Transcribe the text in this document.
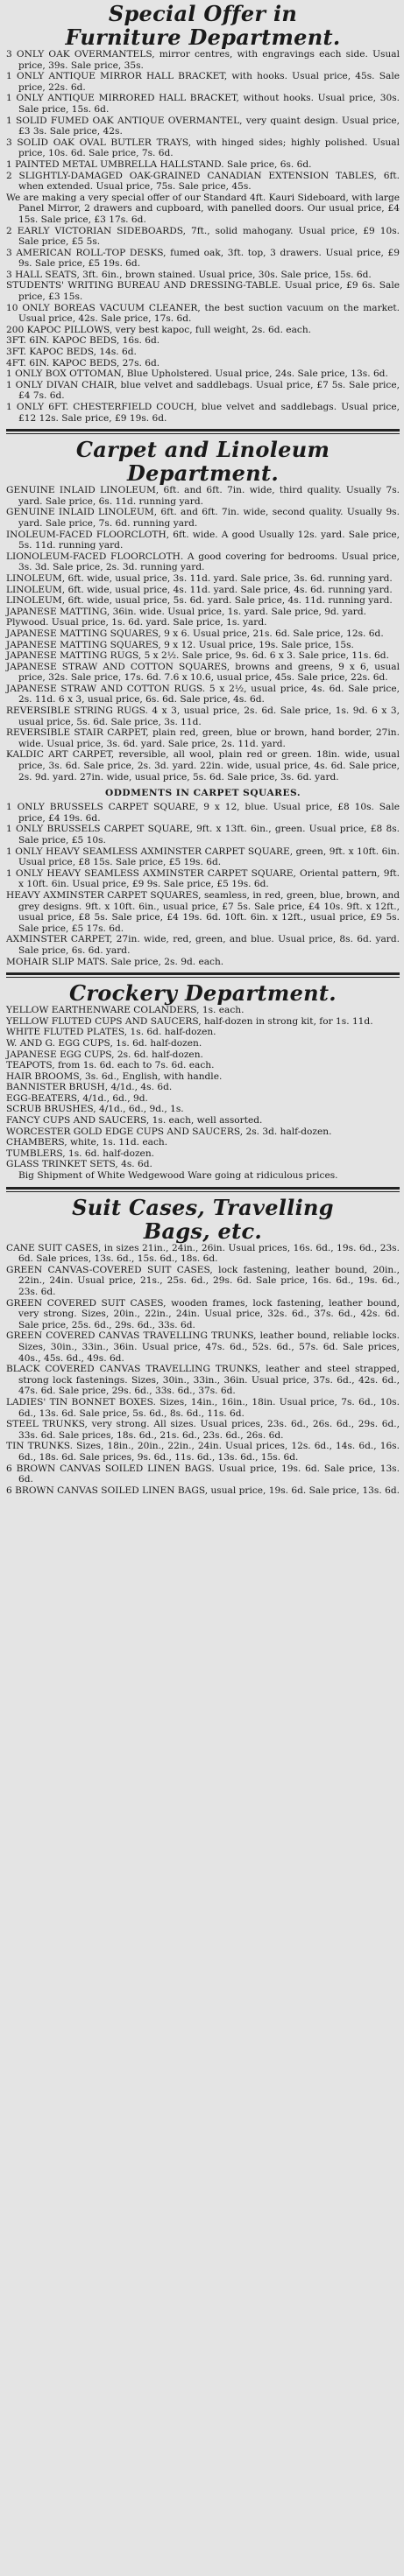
Special Offer in
Furniture Department.

3 ONLY OAK OVERMANTELS, mirror centres, with engravings each side. Usual price, 39s. Sale price, 35s.

1 ONLY ANTIQUE MIRROR HALL BRACKET, with hooks. Usual price, 45s. Sale price, 22s. 6d.

1 ONLY ANTIQUE MIRRORED HALL BRACKET, without hooks. Usual price, 30s. Sale price, 15s. 6d.

1 SOLID FUMED OAK ANTIQUE OVERMANTEL, very quaint design. Usual price, £3 3s. Sale price, 42s.

3 SOLID OAK OVAL BUTLER TRAYS, with hinged sides; highly polished. Usual price, 10s. 6d. Sale price, 7s. 6d.

1 PAINTED METAL UMBRELLA HALLSTAND. Sale price, 6s. 6d.

2 SLIGHTLY-DAMAGED OAK-GRAINED CANADIAN EXTENSION TABLES, 6ft. when extended. Usual price, 75s. Sale price, 45s.

We are making a very special offer of our Standard 4ft. Kauri Sideboard, with large Panel Mirror, 2 drawers and cupboard, with panelled doors. Our usual price, £4 15s. Sale price, £3 17s. 6d.

2 EARLY VICTORIAN SIDEBOARDS, 7ft., solid mahogany. Usual price, £9 10s. Sale price, £5 5s.

3 AMERICAN ROLL-TOP DESKS, fumed oak, 3ft. top, 3 drawers. Usual price, £9 9s. Sale price, £5 19s. 6d.

3 HALL SEATS, 3ft. 6in., brown stained. Usual price, 30s. Sale price, 15s. 6d.

STUDENTS' WRITING BUREAU AND DRESSING-TABLE. Usual price, £9 6s. Sale price, £3 15s.

10 ONLY BOREAS VACUUM CLEANER, the best suction vacuum on the market. Usual price, 42s. Sale price, 17s. 6d.

200 KAPOC PILLOWS, very best kapoc, full weight, 2s. 6d. each.

3FT. 6IN. KAPOC BEDS, 16s. 6d.

3FT. KAPOC BEDS, 14s. 6d.

4FT. 6IN. KAPOC BEDS, 27s. 6d.

1 ONLY BOX OTTOMAN, Blue Upholstered. Usual price, 24s. Sale price, 13s. 6d.

1 ONLY DIVAN CHAIR, blue velvet and saddlebags. Usual price, £7 5s. Sale price, £4 7s. 6d.

1 ONLY 6FT. CHESTERFIELD COUCH, blue velvet and saddlebags. Usual price, £12 12s. Sale price, £9 19s. 6d.

Carpet and Linoleum
Department.

GENUINE INLAID LINOLEUM, 6ft. and 6ft. 7in. wide, third quality. Usually 7s. yard. Sale price, 6s. 11d. running yard.

GENUINE INLAID LINOLEUM, 6ft. and 6ft. 7in. wide, second quality. Usually 9s. yard. Sale price, 7s. 6d. running yard.

INOLEUM-FACED FLOORCLOTH, 6ft. wide. A good Usually 12s. yard. Sale price, 5s. 11d. running yard.

LIONOLEUM-FACED FLOORCLOTH. A good covering for bedrooms. Usual price, 3s. 3d. Sale price, 2s. 3d. running yard.

LINOLEUM, 6ft. wide, usual price, 3s. 11d. yard. Sale price, 3s. 6d. running yard.

LINOLEUM, 6ft. wide, usual price, 4s. 11d. yard. Sale price, 4s. 6d. running yard.

LINOLEUM, 6ft. wide, usual price, 5s. 6d. yard. Sale price, 4s. 11d. running yard.

JAPANESE MATTING, 36in. wide. Usual price, 1s. yard. Sale price, 9d. yard.

Plywood. Usual price, 1s. 6d. yard. Sale price, 1s. yard.

JAPANESE MATTING SQUARES, 9 x 6. Usual price, 21s. 6d. Sale price, 12s. 6d.

JAPANESE MATTING SQUARES, 9 x 12. Usual price, 19s. Sale price, 15s.

JAPANESE MATTING RUGS, 5 x 2½. Sale price, 9s. 6d. 6 x 3. Sale price, 11s. 6d.

JAPANESE STRAW AND COTTON SQUARES, browns and greens, 9 x 6, usual price, 32s. Sale price, 17s. 6d. 7.6 x 10.6, usual price, 45s. Sale price, 22s. 6d.

JAPANESE STRAW AND COTTON RUGS. 5 x 2½, usual price, 4s. 6d. Sale price, 2s. 11d. 6 x 3, usual price, 6s. 6d. Sale price, 4s. 6d.

REVERSIBLE STRING RUGS. 4 x 3, usual price, 2s. 6d. Sale price, 1s. 9d. 6 x 3, usual price, 5s. 6d. Sale price, 3s. 11d.

REVERSIBLE STAIR CARPET, plain red, green, blue or brown, hand border, 27in. wide. Usual price, 3s. 6d. yard. Sale price, 2s. 11d. yard.

KALDIC ART CARPET, reversible, all wool, plain red or green. 18in. wide, usual price, 3s. 6d. Sale price, 2s. 3d. yard. 22in. wide, usual price, 4s. 6d. Sale price, 2s. 9d. yard. 27in. wide, usual price, 5s. 6d. Sale price, 3s. 6d. yard.

ODDMENTS IN CARPET SQUARES.

1 ONLY BRUSSELS CARPET SQUARE, 9 x 12, blue. Usual price, £8 10s. Sale price, £4 19s. 6d.

1 ONLY BRUSSELS CARPET SQUARE, 9ft. x 13ft. 6in., green. Usual price, £8 8s. Sale price, £5 10s.

1 ONLY HEAVY SEAMLESS AXMINSTER CARPET SQUARE, green, 9ft. x 10ft. 6in. Usual price, £8 15s. Sale price, £5 19s. 6d.

1 ONLY HEAVY SEAMLESS AXMINSTER CARPET SQUARE, Oriental pattern, 9ft. x 10ft. 6in. Usual price, £9 9s. Sale price, £5 19s. 6d.

HEAVY AXMINSTER CARPET SQUARES, seamless, in red, green, blue, brown, and grey designs. 9ft. x 10ft. 6in., usual price, £7 5s. Sale price, £4 10s. 9ft. x 12ft., usual price, £8 5s. Sale price, £4 19s. 6d. 10ft. 6in. x 12ft., usual price, £9 5s. Sale price, £5 17s. 6d.

AXMINSTER CARPET, 27in. wide, red, green, and blue. Usual price, 8s. 6d. yard. Sale price, 6s. 6d. yard.

MOHAIR SLIP MATS. Sale price, 2s. 9d. each.

Crockery Department.

YELLOW EARTHENWARE COLANDERS, 1s. each.

YELLOW FLUTED CUPS AND SAUCERS, half-dozen in strong kit, for 1s. 11d.

WHITE FLUTED PLATES, 1s. 6d. half-dozen.

W. AND G. EGG CUPS, 1s. 6d. half-dozen.

JAPANESE EGG CUPS, 2s. 6d. half-dozen.

TEAPOTS, from 1s. 6d. each to 7s. 6d. each.

HAIR BROOMS, 3s. 6d., English, with handle.

BANNISTER BRUSH, 4/1d., 4s. 6d.

EGG-BEATERS, 4/1d., 6d., 9d.

SCRUB BRUSHES, 4/1d., 6d., 9d., 1s.

FANCY CUPS AND SAUCERS, 1s. each, well assorted.

WORCESTER GOLD EDGE CUPS AND SAUCERS, 2s. 3d. half-dozen.

CHAMBERS, white, 1s. 11d. each.

TUMBLERS, 1s. 6d. half-dozen.

GLASS TRINKET SETS, 4s. 6d.

Big Shipment of White Wedgewood Ware going at ridiculous prices.

Suit Cases, Travelling
Bags, etc.

CANE SUIT CASES, in sizes 21in., 24in., 26in. Usual prices, 16s. 6d., 19s. 6d., 23s. 6d. Sale prices, 13s. 6d., 15s. 6d., 18s. 6d.

GREEN CANVAS-COVERED SUIT CASES, lock fastening, leather bound, 20in., 22in., 24in. Usual price, 21s., 25s. 6d., 29s. 6d. Sale price, 16s. 6d., 19s. 6d., 23s. 6d.

GREEN COVERED SUIT CASES, wooden frames, lock fastening, leather bound, very strong. Sizes, 20in., 22in., 24in. Usual price, 32s. 6d., 37s. 6d., 42s. 6d. Sale price, 25s. 6d., 29s. 6d., 33s. 6d.

GREEN COVERED CANVAS TRAVELLING TRUNKS, leather bound, reliable locks. Sizes, 30in., 33in., 36in. Usual price, 47s. 6d., 52s. 6d., 57s. 6d. Sale prices, 40s., 45s. 6d., 49s. 6d.

BLACK COVERED CANVAS TRAVELLING TRUNKS, leather and steel strapped, strong lock fastenings. Sizes, 30in., 33in., 36in. Usual price, 37s. 6d., 42s. 6d., 47s. 6d. Sale price, 29s. 6d., 33s. 6d., 37s. 6d.

LADIES' TIN BONNET BOXES. Sizes, 14in., 16in., 18in. Usual price, 7s. 6d., 10s. 6d., 13s. 6d. Sale price, 5s. 6d., 8s. 6d., 11s. 6d.

STEEL TRUNKS, very strong. All sizes. Usual prices, 23s. 6d., 26s. 6d., 29s. 6d., 33s. 6d. Sale prices, 18s. 6d., 21s. 6d., 23s. 6d., 26s. 6d.

TIN TRUNKS. Sizes, 18in., 20in., 22in., 24in. Usual prices, 12s. 6d., 14s. 6d., 16s. 6d., 18s. 6d. Sale prices, 9s. 6d., 11s. 6d., 13s. 6d., 15s. 6d.

6 BROWN CANVAS SOILED LINEN BAGS. Usual price, 19s. 6d. Sale price, 13s. 6d.

6 BROWN CANVAS SOILED LINEN BAGS, usual price, 19s. 6d. Sale price, 13s. 6d.
